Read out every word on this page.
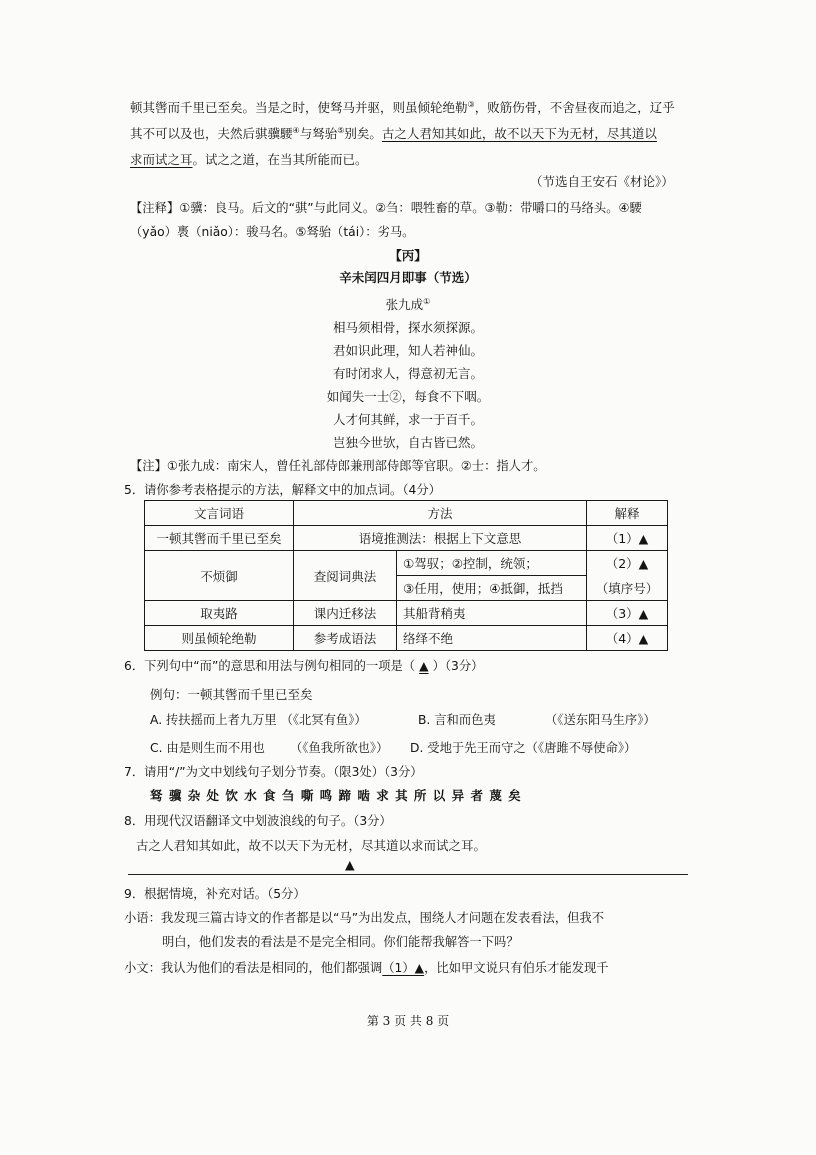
顿其辔而千里已至矣。当是之时，使驽马并驱，则虽倾轮绝勒③，败筋伤骨，不舍昼夜而追之，辽乎
其不可以及也，夫然后骐骥騕④与驽骀⑤别矣。古之人君知其如此，故不以天下为无材，尽其道以
求而试之耳。试之之道，在当其所能而已。
（节选自王安石《材论》）
【注释】①骥：良马。后文的“骐”与此同义。②刍：喂牲畜的草。③勒：带嚼口的马络头。④騕
（yǎo）褭（niǎo）：骏马名。⑤驽骀（tái）：劣马。
【丙】
辛未闰四月即事（节选）
张九成①
相马须相骨，探水须探源。
君如识此理，知人若神仙。
有时闭求人，得意初无言。
如闻失一士②，每食不下咽。
人才何其鲜，求一于百千。
岂独今世欤，自古皆已然。
【注】①张九成：南宋人，曾任礼部侍郎兼刑部侍郎等官职。②士：指人才。
5．请你参考表格提示的方法，解释文中的加点词。（4分）
文言词语	方法		解释
一顿其辔而千里已至矣	语境推测法：根据上下文意思		（1）▲
不烦御	查阅词典法	①驾驭；②控制，统领；	（2）▲
		③任用，使用；④抵御，抵挡	（填序号）
取夷路	课内迁移法	其船背稍夷	（3）▲
则虽倾轮绝勒	参考成语法	络绎不绝	（4）▲
6．下列句中“而”的意思和用法与例句相同的一项是（ ▲ ）（3分）
例句：一顿其辔而千里已至矣
A. 抟扶摇而上者九万里 （《北冥有鱼》）	B. 言和而色夷	（《送东阳马生序》）
C. 由是则生而不用也 （《鱼我所欲也》） D. 受地于先王而守之（《唐雎不辱使命》）
7．请用“/”为文中划线句子划分节奏。（限3处）（3分）
驽 骥 杂 处 饮 水 食 刍 嘶 鸣 蹄 啮 求 其 所 以 异 者 蔑 矣
8．用现代汉语翻译文中划波浪线的句子。（3分）
古之人君知其如此，故不以天下为无材，尽其道以求而试之耳。
▲
9．根据情境，补充对话。（5分）
小语：我发现三篇古诗文的作者都是以“马”为出发点，围绕人才问题在发表看法，但我不
明白，他们发表的看法是不是完全相同。你们能帮我解答一下吗？
小文：我认为他们的看法是相同的，他们都强调（1）▲，比如甲文说只有伯乐才能发现千
第 3 页 共 8 页
